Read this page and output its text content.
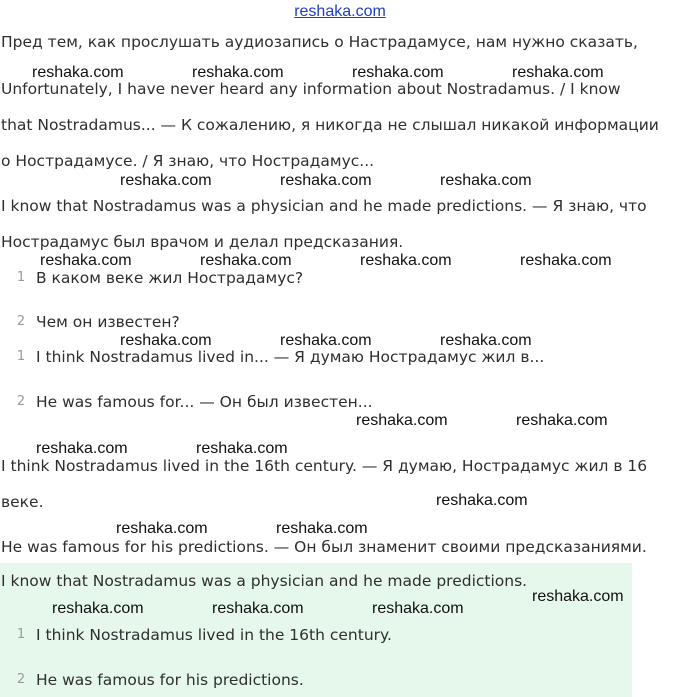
reshaka.com
Пред тем, как прослушать аудиозапись о Настрадамусе, нам нужно сказать,
Unfortunately, I have never heard any information about Nostradamus. / I know
that Nostradamus... — К сожалению, я никогда не слышал никакой информации
о Нострадамусе. / Я знаю, что Нострадамус...
I know that Nostradamus was a physician and he made predictions. — Я знаю, что
Нострадамус был врачом и делал предсказания.
1 В каком веке жил Нострадамус?
2 Чем он известен?
1 I think Nostradamus lived in... — Я думаю Нострадамус жил в...
2 He was famous for... — Он был известен...
I think Nostradamus lived in the 16th century. — Я думаю, Нострадамус жил в 16
веке.
He was famous for his predictions. — Он был знаменит своими предсказаниями.
I know that Nostradamus was a physician and he made predictions.
1 I think Nostradamus lived in the 16th century.
2 He was famous for his predictions.
reshaka.com	reshaka.com	reshaka.com	reshaka.com
reshaka.com	reshaka.com	reshaka.com
reshaka.com	reshaka.com	reshaka.com	reshaka.com
reshaka.com	reshaka.com	reshaka.com
reshaka.com	reshaka.com
reshaka.com	reshaka.com
reshaka.com
reshaka.com	reshaka.com
reshaka.com
reshaka.com	reshaka.com	reshaka.com
